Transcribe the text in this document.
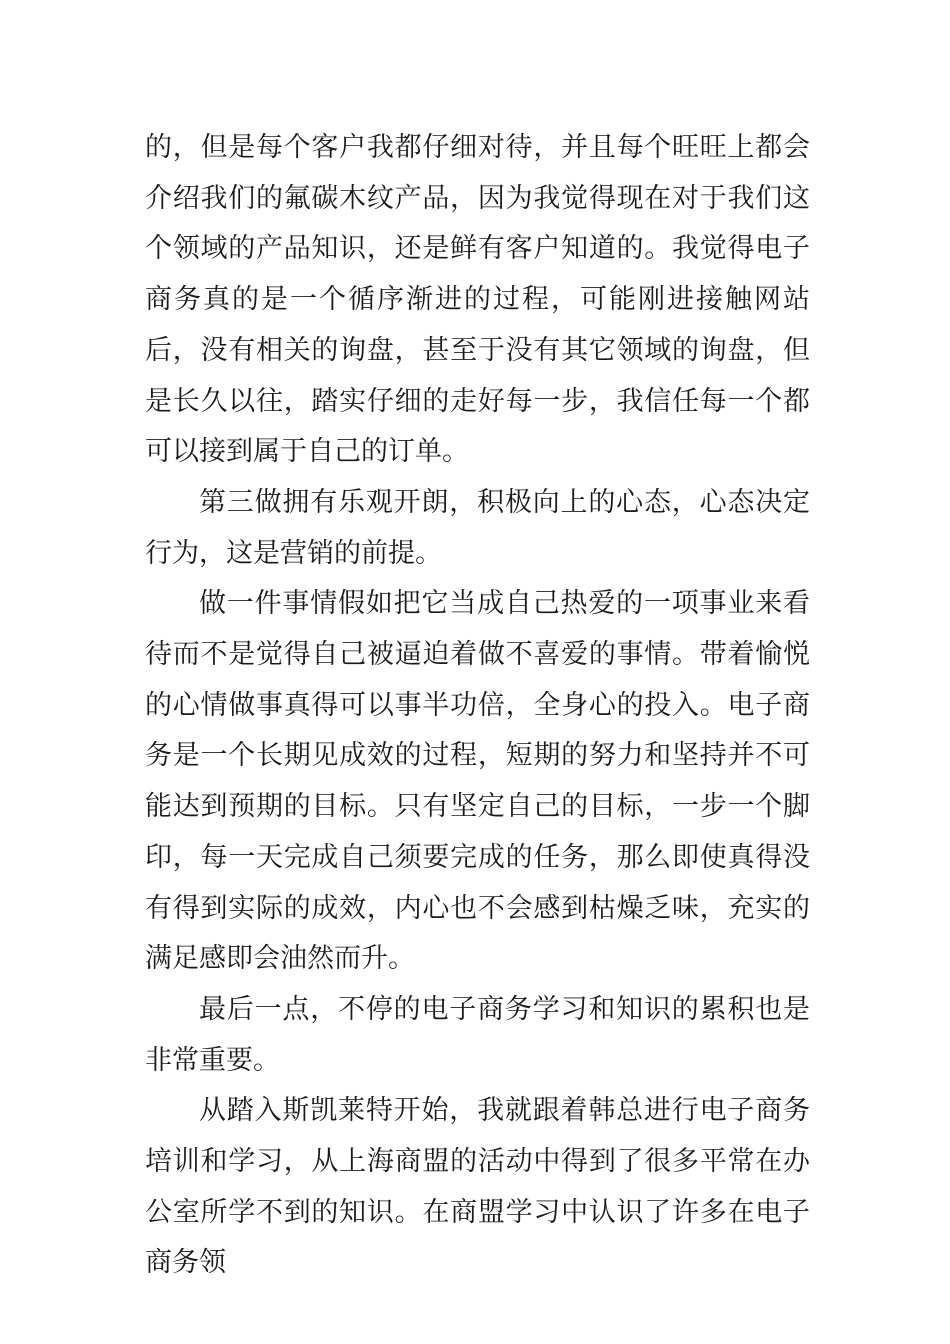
的，但是每个客户我都仔细对待，并且每个旺旺上都会介绍我们的氟碳木纹产品，因为我觉得现在对于我们这个领域的产品知识，还是鲜有客户知道的。我觉得电子商务真的是一个循序渐进的过程，可能刚进接触网站后，没有相关的询盘，甚至于没有其它领域的询盘，但是长久以往，踏实仔细的走好每一步，我信任每一个都可以接到属于自己的订单。

第三做拥有乐观开朗，积极向上的心态，心态决定行为，这是营销的前提。

做一件事情假如把它当成自己热爱的一项事业来看待而不是觉得自己被逼迫着做不喜爱的事情。带着愉悦的心情做事真得可以事半功倍，全身心的投入。电子商务是一个长期见成效的过程，短期的努力和坚持并不可能达到预期的目标。只有坚定自己的目标，一步一个脚印，每一天完成自己须要完成的任务，那么即使真得没有得到实际的成效，内心也不会感到枯燥乏味，充实的满足感即会油然而升。

最后一点，不停的电子商务学习和知识的累积也是非常重要。

从踏入斯凯莱特开始，我就跟着韩总进行电子商务培训和学习，从上海商盟的活动中得到了很多平常在办公室所学不到的知识。在商盟学习中认识了许多在电子商务领
